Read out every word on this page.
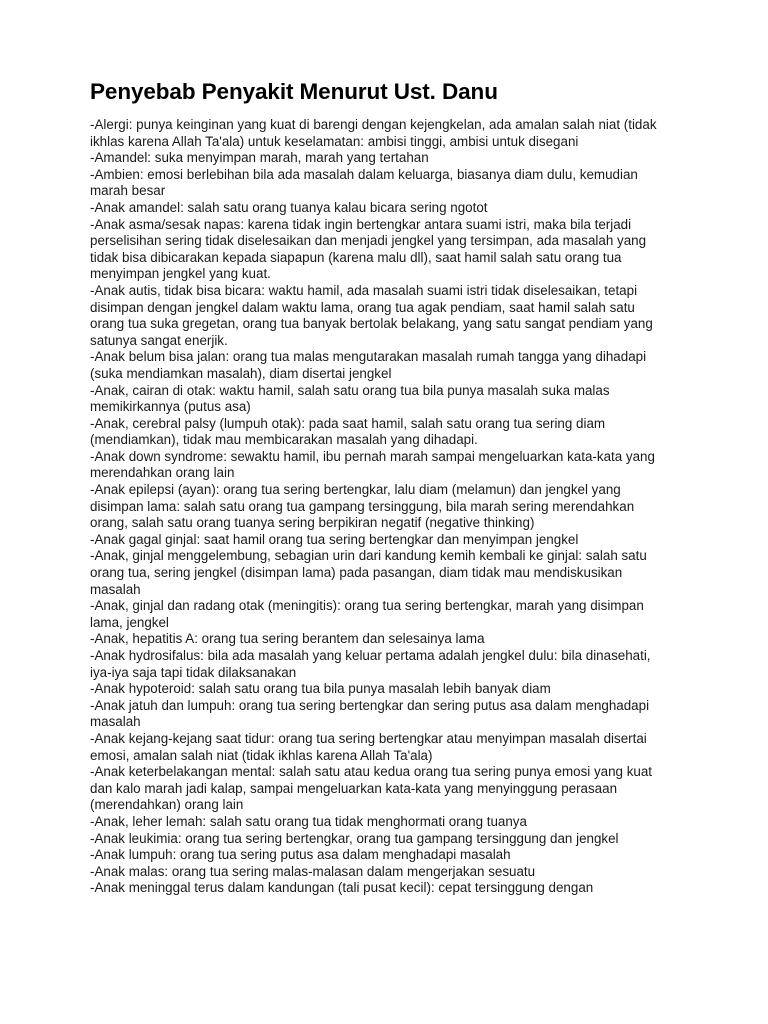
Penyebab Penyakit Menurut Ust. Danu
-Alergi: punya keinginan yang kuat di barengi dengan kejengkelan, ada amalan salah niat (tidak ikhlas karena Allah Ta'ala) untuk keselamatan: ambisi tinggi, ambisi untuk disegani
-Amandel: suka menyimpan marah, marah yang tertahan
-Ambien: emosi berlebihan bila ada masalah dalam keluarga, biasanya diam dulu, kemudian marah besar
-Anak amandel: salah satu orang tuanya kalau bicara sering ngotot
-Anak asma/sesak napas: karena tidak ingin bertengkar antara suami istri, maka bila terjadi perselisihan sering tidak diselesaikan dan menjadi jengkel yang tersimpan, ada masalah yang tidak bisa dibicarakan kepada siapapun (karena malu dll), saat hamil salah satu orang tua menyimpan jengkel yang kuat.
-Anak autis, tidak bisa bicara: waktu hamil, ada masalah suami istri tidak diselesaikan, tetapi disimpan dengan jengkel dalam waktu lama, orang tua agak pendiam, saat hamil salah satu orang tua suka gregetan, orang tua banyak bertolak belakang, yang satu sangat pendiam yang satunya sangat enerjik.
-Anak belum bisa jalan: orang tua malas mengutarakan masalah rumah tangga yang dihadapi (suka mendiamkan masalah), diam disertai jengkel
-Anak, cairan di otak: waktu hamil, salah satu orang tua bila punya masalah suka malas memikirkannya (putus asa)
-Anak, cerebral palsy (lumpuh otak): pada saat hamil, salah satu orang tua sering diam (mendiamkan), tidak mau membicarakan masalah yang dihadapi.
-Anak down syndrome: sewaktu hamil, ibu pernah marah sampai mengeluarkan kata-kata yang merendahkan orang lain
-Anak epilepsi (ayan): orang tua sering bertengkar, lalu diam (melamun) dan jengkel yang disimpan lama: salah satu orang tua gampang tersinggung, bila marah sering merendahkan orang, salah satu orang tuanya sering berpikiran negatif (negative thinking)
-Anak gagal ginjal: saat hamil orang tua sering bertengkar dan menyimpan jengkel
-Anak, ginjal menggelembung, sebagian urin dari kandung kemih kembali ke ginjal: salah satu orang tua, sering jengkel (disimpan lama) pada pasangan, diam tidak mau mendiskusikan masalah
-Anak, ginjal dan radang otak (meningitis): orang tua sering bertengkar, marah yang disimpan lama, jengkel
-Anak, hepatitis A: orang tua sering berantem dan selesainya lama
-Anak hydrosifalus: bila ada masalah yang keluar pertama adalah jengkel dulu: bila dinasehati, iya-iya saja tapi tidak dilaksanakan
-Anak hypoteroid: salah satu orang tua bila punya masalah lebih banyak diam
-Anak jatuh dan lumpuh: orang tua sering bertengkar dan sering putus asa dalam menghadapi masalah
-Anak kejang-kejang saat tidur: orang tua sering bertengkar atau menyimpan masalah disertai emosi, amalan salah niat (tidak ikhlas karena Allah Ta'ala)
-Anak keterbelakangan mental: salah satu atau kedua orang tua sering punya emosi yang kuat dan kalo marah jadi kalap, sampai mengeluarkan kata-kata yang menyinggung perasaan (merendahkan) orang lain
-Anak, leher lemah: salah satu orang tua tidak menghormati orang tuanya
-Anak leukimia: orang tua sering bertengkar, orang tua gampang tersinggung dan jengkel
-Anak lumpuh: orang tua sering putus asa dalam menghadapi masalah
-Anak malas: orang tua sering malas-malasan dalam mengerjakan sesuatu
-Anak meninggal terus dalam kandungan (tali pusat kecil): cepat tersinggung dengan
